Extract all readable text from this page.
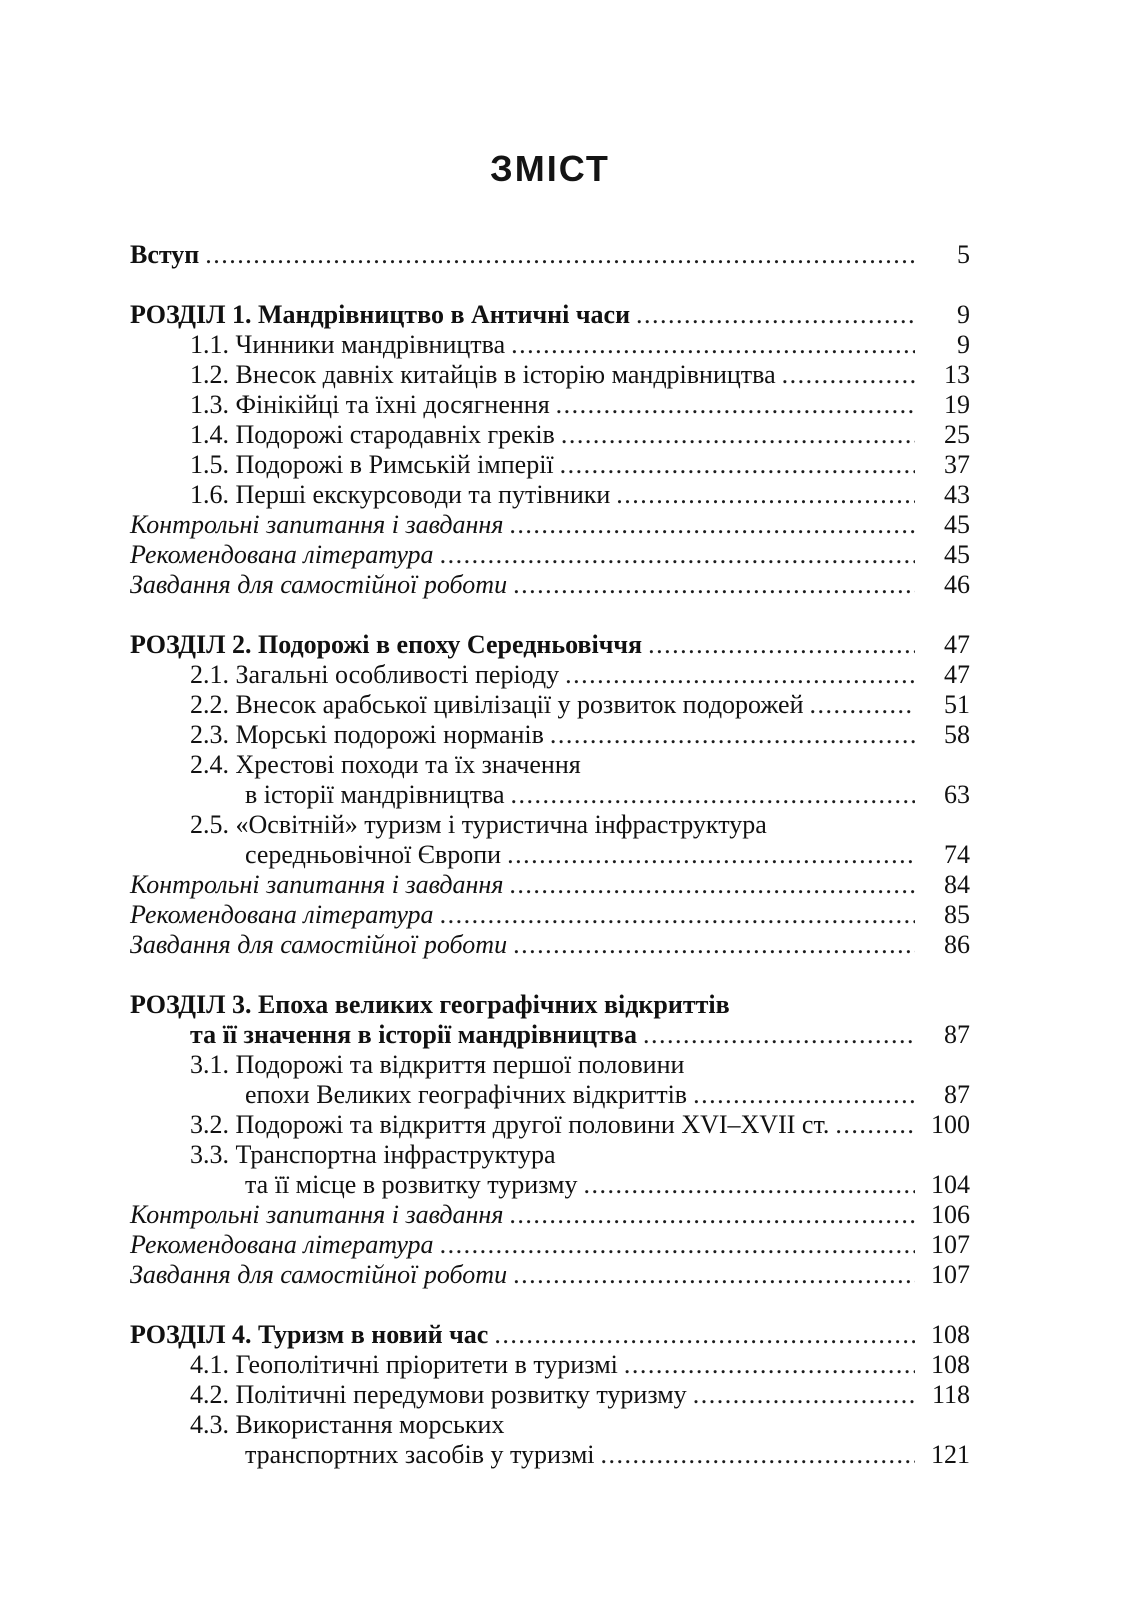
ЗМІСТ
Вступ .....	5
РОЗДІЛ 1. Мандрівництво в Античні часи .....	9
1.1. Чинники мандрівництва .....	9
1.2. Внесок давніх китайців в історію мандрівництва .....	13
1.3. Фінікійці та їхні досягнення .....	19
1.4. Подорожі стародавніх греків .....	25
1.5. Подорожі в Римській імперії .....	37
1.6. Перші екскурсоводи та путівники .....	43
Контрольні запитання і завдання .....	45
Рекомендована література .....	45
Завдання для самостійної роботи .....	46
РОЗДІЛ 2. Подорожі в епоху Середньовіччя .....	47
2.1. Загальні особливості періоду .....	47
2.2. Внесок арабської цивілізації у розвиток подорожей .....	51
2.3. Морські подорожі норманів .....	58
2.4. Хрестові походи та їх значення
в історії мандрівництва .....	63
2.5. «Освітній» туризм і туристична інфраструктура
середньовічної Європи .....	74
Контрольні запитання і завдання .....	84
Рекомендована література .....	85
Завдання для самостійної роботи .....	86
РОЗДІЛ 3. Епоха великих географічних відкриттів
та її значення в історії мандрівництва .....	87
3.1. Подорожі та відкриття першої половини
епохи Великих географічних відкриттів .....	87
3.2. Подорожі та відкриття другої половини XVI–XVII ст. .....	100
3.3. Транспортна інфраструктура
та її місце в розвитку туризму .....	104
Контрольні запитання і завдання .....	106
Рекомендована література .....	107
Завдання для самостійної роботи .....	107
РОЗДІЛ 4. Туризм в новий час .....	108
4.1. Геополітичні пріоритети в туризмі .....	108
4.2. Політичні передумови розвитку туризму .....	118
4.3. Використання морських
транспортних засобів у туризмі .....	121
